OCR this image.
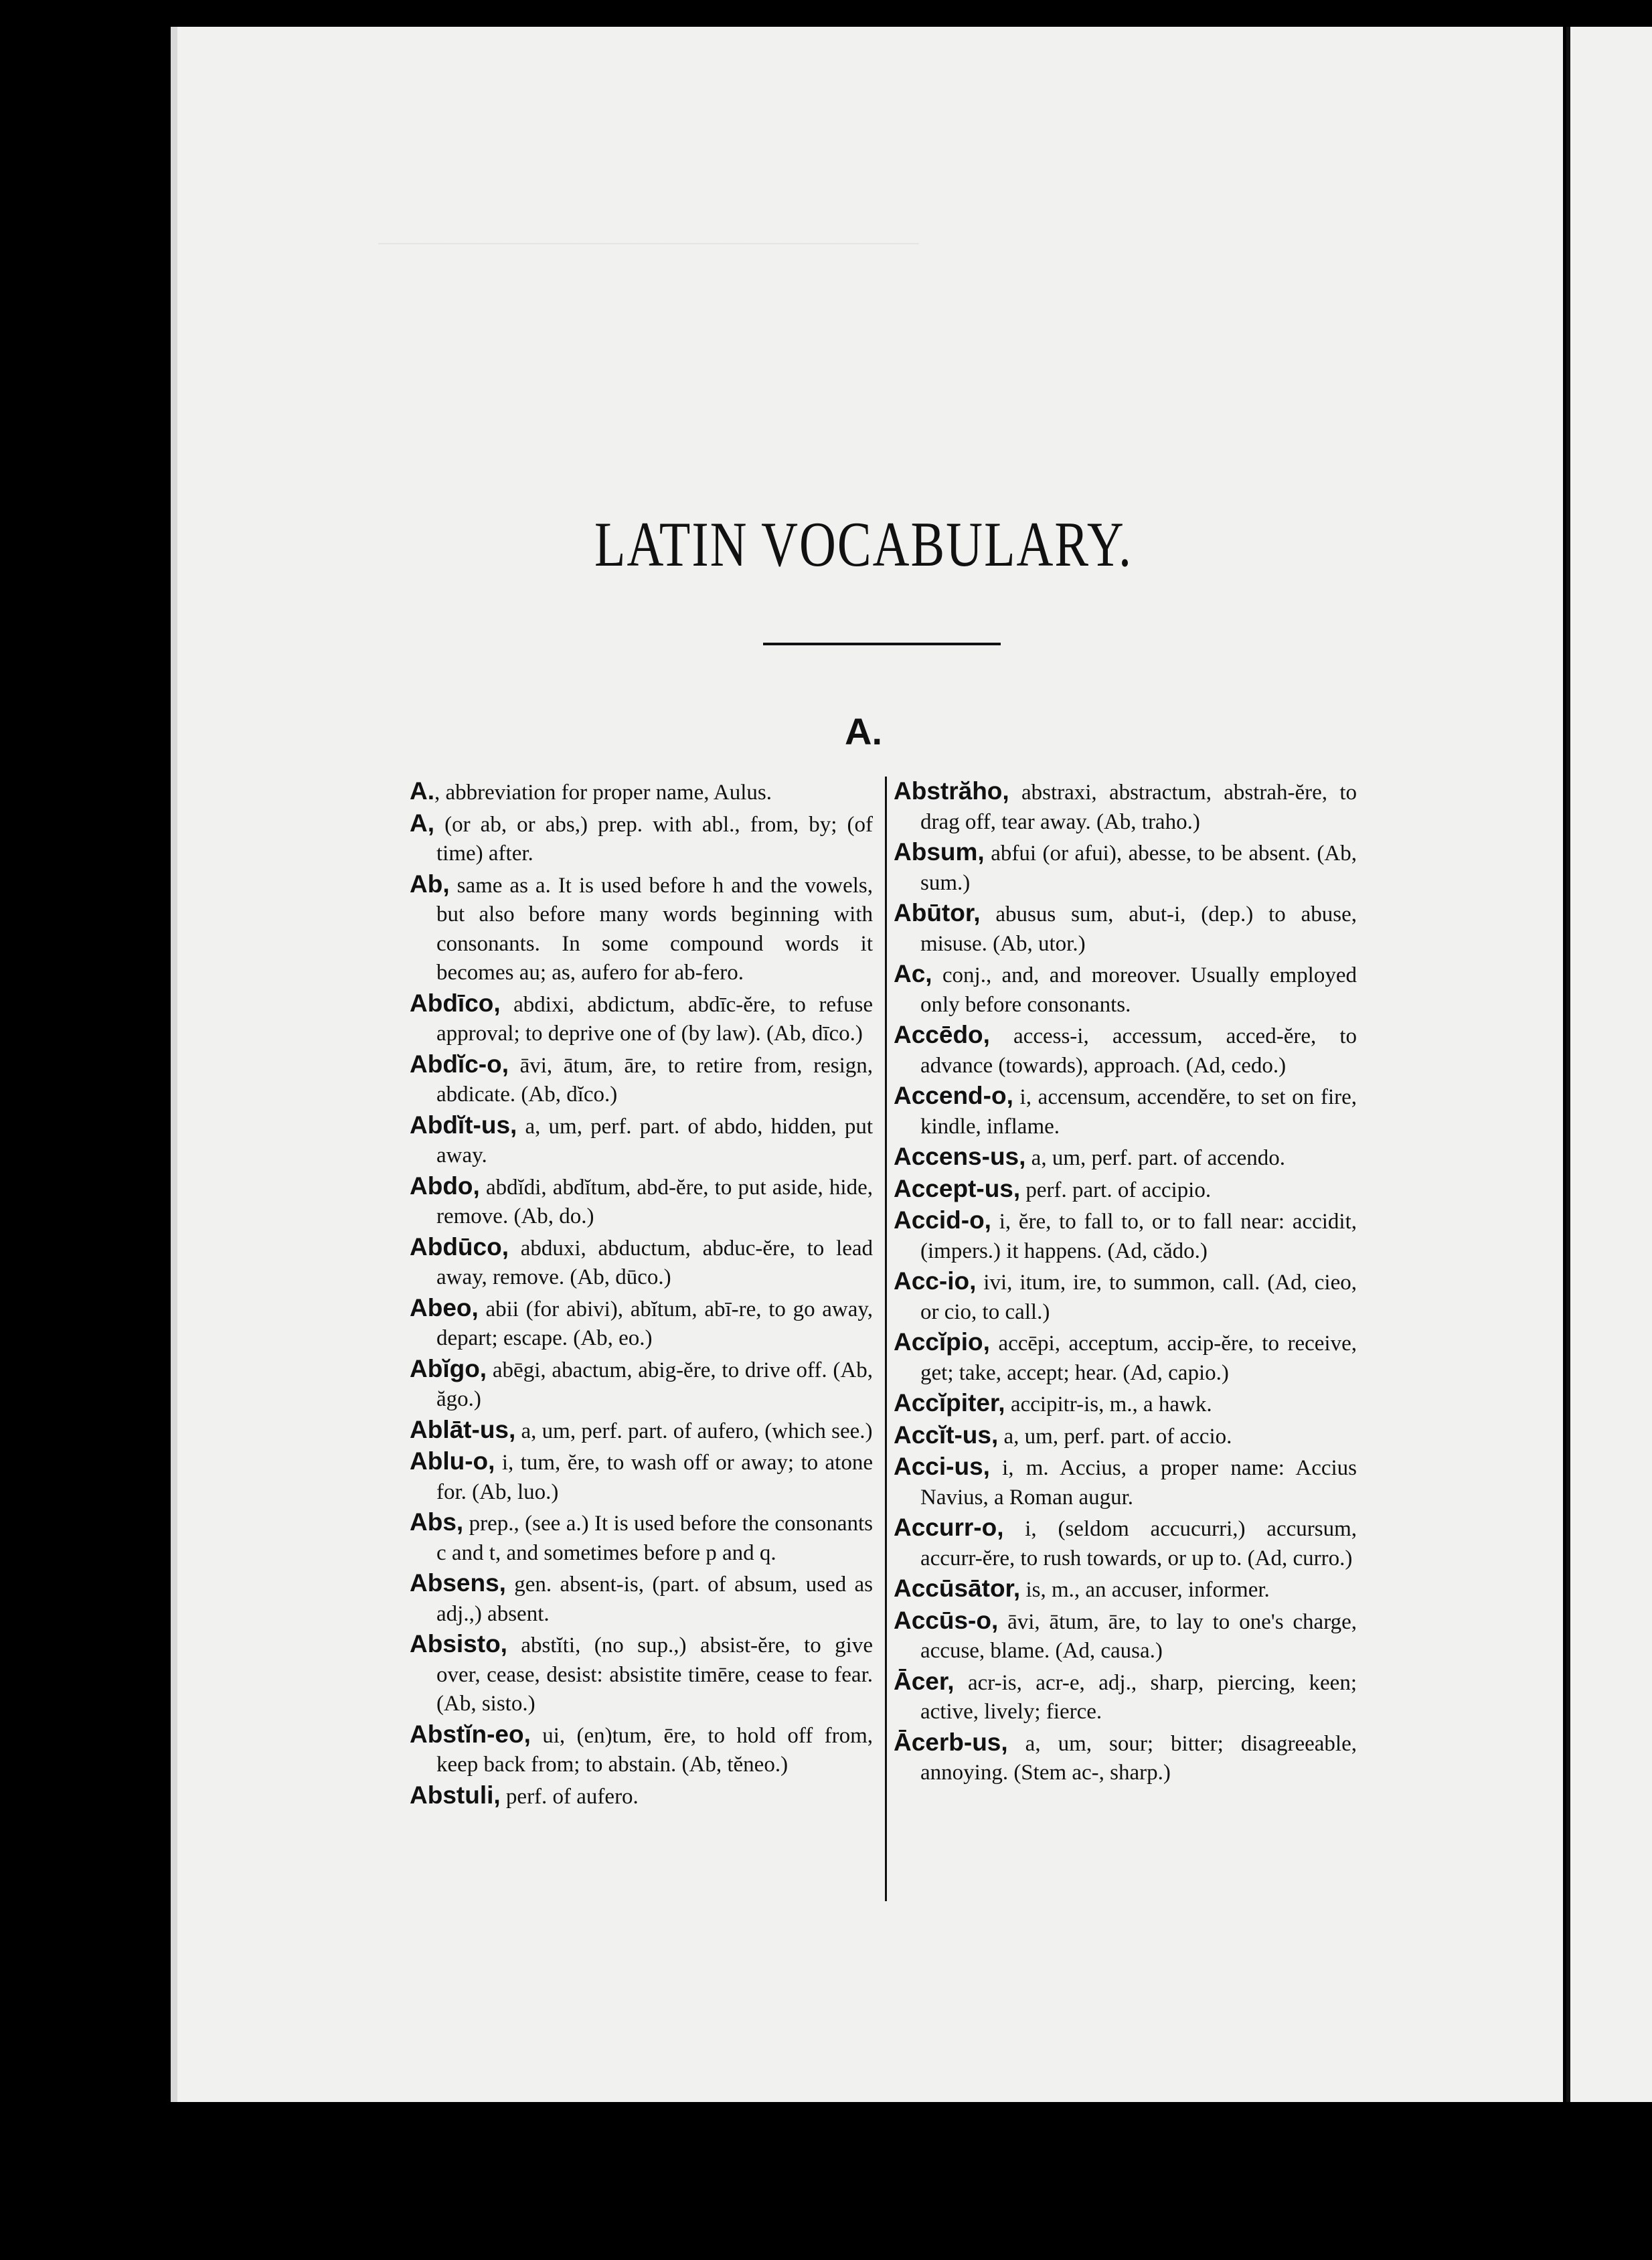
LATIN VOCABULARY.
A.

A., abbreviation for proper name, Aulus.

A, (or ab, or abs,) prep. with abl., from, by; (of time) after.

Ab, same as a. It is used before h and the vowels, but also before many words beginning with consonants. In some compound words it becomes au; as, aufero for ab-fero.

Abdīco, abdixi, abdictum, abdīc-ĕre, to refuse approval; to deprive one of (by law). (Ab, dīco.)

Abdĭc-o, āvi, ātum, āre, to retire from, resign, abdicate. (Ab, dĭco.)

Abdĭt-us, a, um, perf. part. of abdo, hidden, put away.

Abdo, abdĭdi, abdĭtum, abd-ĕre, to put aside, hide, remove. (Ab, do.)

Abdūco, abduxi, abductum, abduc-ĕre, to lead away, remove. (Ab, dūco.)

Abeo, abii (for abivi), abĭtum, abī-re, to go away, depart; escape. (Ab, eo.)

Abĭgo, abēgi, abactum, abig-ĕre, to drive off. (Ab, ăgo.)

Ablāt-us, a, um, perf. part. of aufero, (which see.)

Ablu-o, i, tum, ĕre, to wash off or away; to atone for. (Ab, luo.)

Abs, prep., (see a.) It is used before the consonants c and t, and sometimes before p and q.

Absens, gen. absent-is, (part. of absum, used as adj.,) absent.

Absisto, abstĭti, (no sup.,) absist-ĕre, to give over, cease, desist: absistite timēre, cease to fear. (Ab, sisto.)

Abstĭn-eo, ui, (en)tum, ēre, to hold off from, keep back from; to abstain. (Ab, tĕneo.)

Abstuli, perf. of aufero.

Abstrăho, abstraxi, abstractum, abstrah-ĕre, to drag off, tear away. (Ab, traho.)

Absum, abfui (or afui), abesse, to be absent. (Ab, sum.)

Abūtor, abusus sum, abut-i, (dep.) to abuse, misuse. (Ab, utor.)

Ac, conj., and, and moreover. Usually employed only before consonants.

Accēdo, access-i, accessum, acced-ĕre, to advance (towards), approach. (Ad, cedo.)

Accend-o, i, accensum, accendĕre, to set on fire, kindle, inflame.

Accens-us, a, um, perf. part. of accendo.

Accept-us, perf. part. of accipio.

Accid-o, i, ĕre, to fall to, or to fall near: accidit, (impers.) it happens. (Ad, cădo.)

Acc-io, ivi, itum, ire, to summon, call. (Ad, cieo, or cio, to call.)

Accĭpio, accēpi, acceptum, accip-ĕre, to receive, get; take, accept; hear. (Ad, capio.)

Accĭpiter, accipitr-is, m., a hawk.

Accĭt-us, a, um, perf. part. of accio.

Acci-us, i, m. Accius, a proper name: Accius Navius, a Roman augur.

Accurr-o, i, (seldom accucurri,) accursum, accurr-ĕre, to rush towards, or up to. (Ad, curro.)

Accūsātor, is, m., an accuser, informer.

Accūs-o, āvi, ātum, āre, to lay to one's charge, accuse, blame. (Ad, causa.)

Ācer, acr-is, acr-e, adj., sharp, piercing, keen; active, lively; fierce.

Ācerb-us, a, um, sour; bitter; disagreeable, annoying. (Stem ac-, sharp.)
